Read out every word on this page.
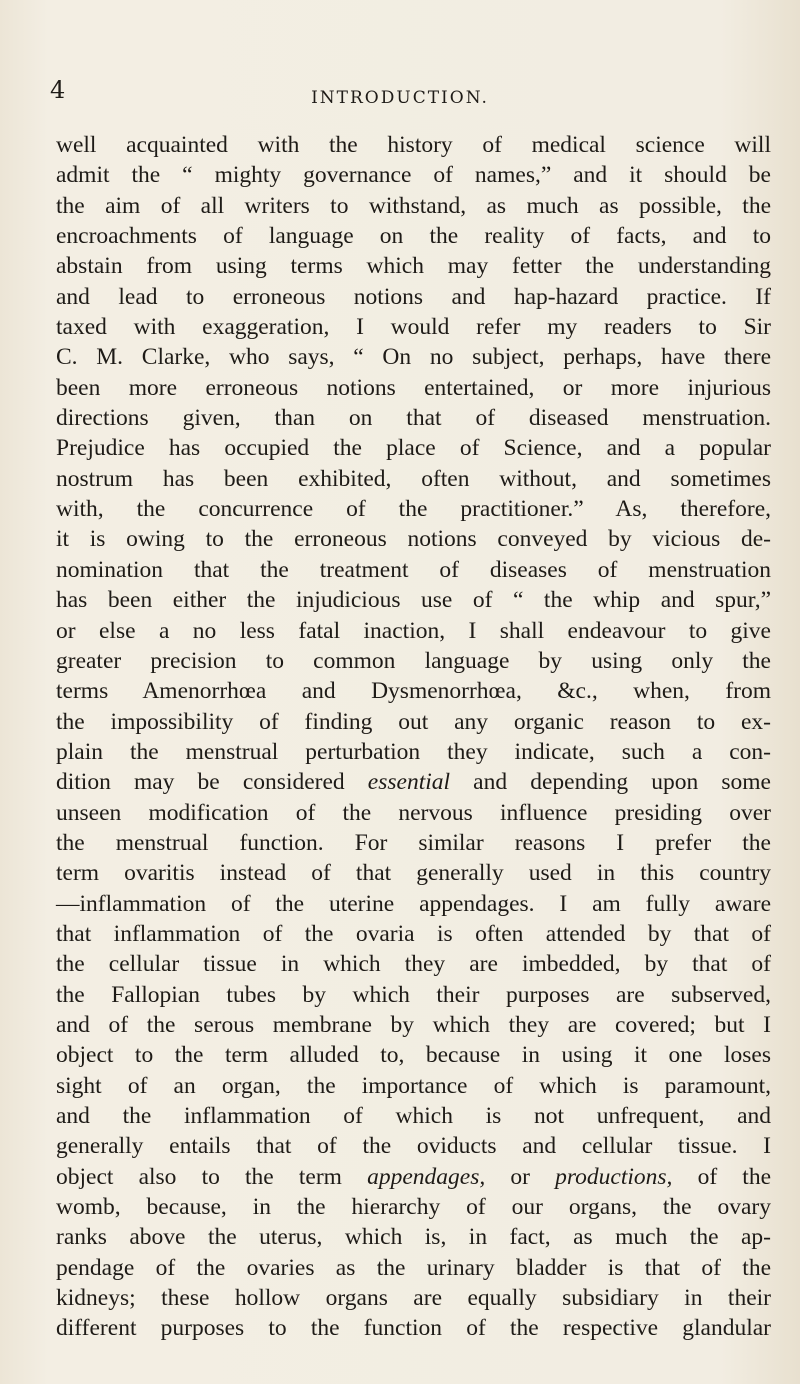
4	INTRODUCTION.
well acquainted with the history of medical science will
admit the “ mighty governance of names,” and it should be
the aim of all writers to withstand, as much as possible, the
encroachments of language on the reality of facts, and to
abstain from using terms which may fetter the understanding
and lead to erroneous notions and hap-hazard practice. If
taxed with exaggeration, I would refer my readers to Sir
C. M. Clarke, who says, “ On no subject, perhaps, have there
been more erroneous notions entertained, or more injurious
directions given, than on that of diseased menstruation.
Prejudice has occupied the place of Science, and a popular
nostrum has been exhibited, often without, and sometimes
with, the concurrence of the practitioner.” As, therefore,
it is owing to the erroneous notions conveyed by vicious de-
nomination that the treatment of diseases of menstruation
has been either the injudicious use of “ the whip and spur,”
or else a no less fatal inaction, I shall endeavour to give
greater precision to common language by using only the
terms Amenorrhœa and Dysmenorrhœa, &c., when, from
the impossibility of finding out any organic reason to ex-
plain the menstrual perturbation they indicate, such a con-
dition may be considered essential and depending upon some
unseen modification of the nervous influence presiding over
the menstrual function. For similar reasons I prefer the
term ovaritis instead of that generally used in this country
—inflammation of the uterine appendages. I am fully aware
that inflammation of the ovaria is often attended by that of
the cellular tissue in which they are imbedded, by that of
the Fallopian tubes by which their purposes are subserved,
and of the serous membrane by which they are covered; but I
object to the term alluded to, because in using it one loses
sight of an organ, the importance of which is paramount,
and the inflammation of which is not unfrequent, and
generally entails that of the oviducts and cellular tissue. I
object also to the term appendages, or productions, of the
womb, because, in the hierarchy of our organs, the ovary
ranks above the uterus, which is, in fact, as much the ap-
pendage of the ovaries as the urinary bladder is that of the
kidneys; these hollow organs are equally subsidiary in their
different purposes to the function of the respective glandular
